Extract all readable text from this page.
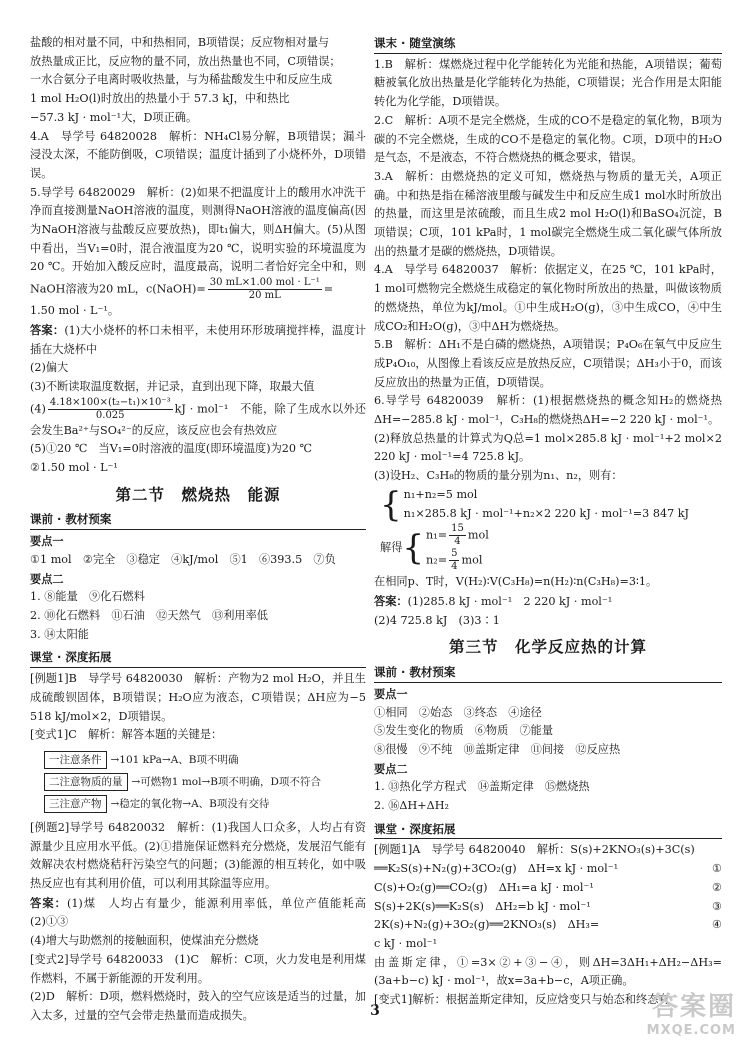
盐酸的相对量不同，中和热相同，B项错误；反应物相对量与

放热量成正比，反应物的量不同，放出热量也不同，C项错误；

一水合氨分子电离时吸收热量，与为稀盐酸发生中和反应生成

1 mol H₂O(l)时放出的热量小于 57.3 kJ，中和热比

−57.3 kJ · mol⁻¹大，D项正确。

4.A　导学号 64820028　解析：NH₄Cl易分解，B项错误；漏斗浸没太深，不能防倒吸，C项错误；温度计插到了小烧杯外，D项错误。

5.导学号 64820029　解析：(2)如果不把温度计上的酸用水冲洗干净而直接测量NaOH溶液的温度，则测得NaOH溶液的温度偏高(因为NaOH溶液与盐酸反应要放热)，即t₁偏大，则ΔH偏大。(5)从图中看出，当V₁=0时，混合液温度为20 ℃，说明实验的环境温度为20 ℃。开始加入酸反应时，温度最高，说明二者恰好完全中和，则NaOH溶液为20 mL，c(NaOH)= $\frac{\text{30 mL×1.00 mol · L⁻¹}}{20 mL}$ =

1.50 mol · L⁻¹。

答案：(1)大小烧杯的杯口未相平，未使用环形玻璃搅拌棒，温度计插在大烧杯中

(2)偏大

(3)不断读取温度数据，并记录，直到出现下降，取最大值

$(4) \frac{\text{4.18×100×(t₂−t₁)×10⁻³}}{0.025}$ kJ · mol⁻¹　不能，除了生成水以外还会发生Ba²⁺与SO₄²⁻的反应，该反应也会有热效应

(5)①20 ℃　当V₁=0时溶液的温度(即环境温度)为20 ℃

②1.50 mol · L⁻¹

第二节　燃烧热　能源
课前 · 教材预案

要点一

①1 mol　②完全　③稳定　④kJ/mol　⑤1　⑥393.5　⑦负

要点二

1. ⑧能量　⑨化石燃料

2. ⑩化石燃料　⑪石油　⑫天然气　⑬利用率低

3. ⑭太阳能

课堂 · 深度拓展

[例题1]B　导学号 64820030　解析：产物为2 mol H₂O，并且生成硫酸钡固体，B项错误；H₂O应为液态，C项错误；ΔH应为−5 518 kJ/mol×2，D项错误。

[变式1]C　解析：解答本题的关键是：

一注意条件 →101 kPa→A、B项不明确
二注意物质的量 →可燃物1 mol→B项不明确，D项不符合
三注意产物 →稳定的氧化物→A、B项没有交待

[例题2]导学号 64820032　解析：(1)我国人口众多，人均占有资源量少且应用水平低。(2)①措施保证燃料充分燃烧，发展沼气能有效解决农村燃烧秸秆污染空气的问题；(3)能源的相互转化，如中吸热反应也有其利用价值，可以利用其除温等应用。

答案：(1)煤　人均占有量少，能源利用率低，单位产值能耗高　(2)①③

(4)增大与助燃剂的接触面积，使煤油充分燃烧

[变式2]导学号 64820033　(1)C　解析：C项，火力发电是利用煤作燃料，不属于新能源的开发利用。

(2)D　解析：D项，燃料燃烧时，鼓入的空气应该是适当的过量，加入太多，过量的空气会带走热量而造成损失。

课末 · 随堂演练

1.B　解析：煤燃烧过程中化学能转化为光能和热能，A项错误；葡萄糖被氧化放出热量是化学能转化为热能，C项错误；光合作用是太阳能转化为化学能，D项错误。

2.C　解析：A项不是完全燃烧，生成的CO不是稳定的氧化物，B项为碳的不完全燃烧，生成的CO不是稳定的氧化物。C项，D项中的H₂O是气态，不是液态，不符合燃烧热的概念要求，错误。

3.A　解析：由燃烧热的定义可知，燃烧热与物质的量无关，A项正确。中和热是指在稀溶液里酸与碱发生中和反应生成1 mol水时所放出的热量，而这里是浓硫酸，而且生成2 mol H₂O(l)和BaSO₄沉淀，B项错误；C项，101 kPa时，1 mol碳完全燃烧生成二氧化碳气体所放出的热量才是碳的燃烧热，D项错误。

4.A　导学号 64820037　解析：依据定义，在25 ℃，101 kPa时，1 mol可燃物完全燃烧生成稳定的氧化物时所放出的热量，叫做该物质的燃烧热，单位为kJ/mol。①中生成H₂O(g)，③中生成CO，④中生成CO₂和H₂O(g)，③中ΔH为燃烧热。

5.B　解析：ΔH₁不是白磷的燃烧热，A项错误；P₄O₆在氧气中反应生成P₄O₁₀，从图像上看该反应是放热反应，C项错误；ΔH₃小于0，而该反应放出的热量为正值，D项错误。

6.导学号 64820039　解析：(1)根据燃烧热的概念知H₂的燃烧热ΔH=−285.8 kJ · mol⁻¹，C₃H₈的燃烧热ΔH=−2 220 kJ · mol⁻¹。

(2)释放总热量的计算式为Q总=1 mol×285.8 kJ · mol⁻¹+2 mol×2 220 kJ · mol⁻¹=4 725.8 kJ。

(3)设H₂、C₃H₈的物质的量分别为n₁、n₂，则有：

{ n₁+n₂=5 mol
n₁×285.8 kJ · mol⁻¹+n₂×2 220 kJ · mol⁻¹=3 847 kJ
解得 { $n_1= \frac{15}{4}$ mol
$n_2= \frac{5}{4}$ mol

在相同p、T时，V(H₂)∶V(C₃H₈)=n(H₂)∶n(C₃H₈)=3∶1。

答案：(1)285.8 kJ · mol⁻¹　2 220 kJ · mol⁻¹

(2)4 725.8 kJ　(3)3∶1

第三节　化学反应热的计算
课前 · 教材预案

要点一

①相同　②始态　③终态　④途径

⑤发生变化的物质　⑥物质　⑦能量

⑧很慢　⑨不纯　⑩盖斯定律　⑪间接　⑫反应热

要点二

1. ⑬热化学方程式　⑭盖斯定律　⑮燃烧热

2. ⑯ΔH+ΔH₂

课堂 · 深度拓展

[例题1]A　导学号 64820040　解析：S(s)+2KNO₃(s)+3C(s)

══K₂S(s)+N₂(g)+3CO₂(g)　ΔH=x kJ · mol⁻¹	①
C(s)+O₂(g)══CO₂(g)　ΔH₁=a kJ · mol⁻¹	②
S(s)+2K(s)══K₂S(s)　ΔH₂=b kJ · mol⁻¹	③
2K(s)+N₂(g)+3O₂(g)══2KNO₃(s)　ΔH₃=	④

c kJ · mol⁻¹

由盖斯定律，①=3×②+③−④，则ΔH=3ΔH₁+ΔH₂−ΔH₃=(3a+b−c) kJ · mol⁻¹，故x=3a+b−c，A项正确。

[变式1]解析：根据盖斯定律知，反应焓变只与始态和终态有

3	答案圈
MXQE.COM
